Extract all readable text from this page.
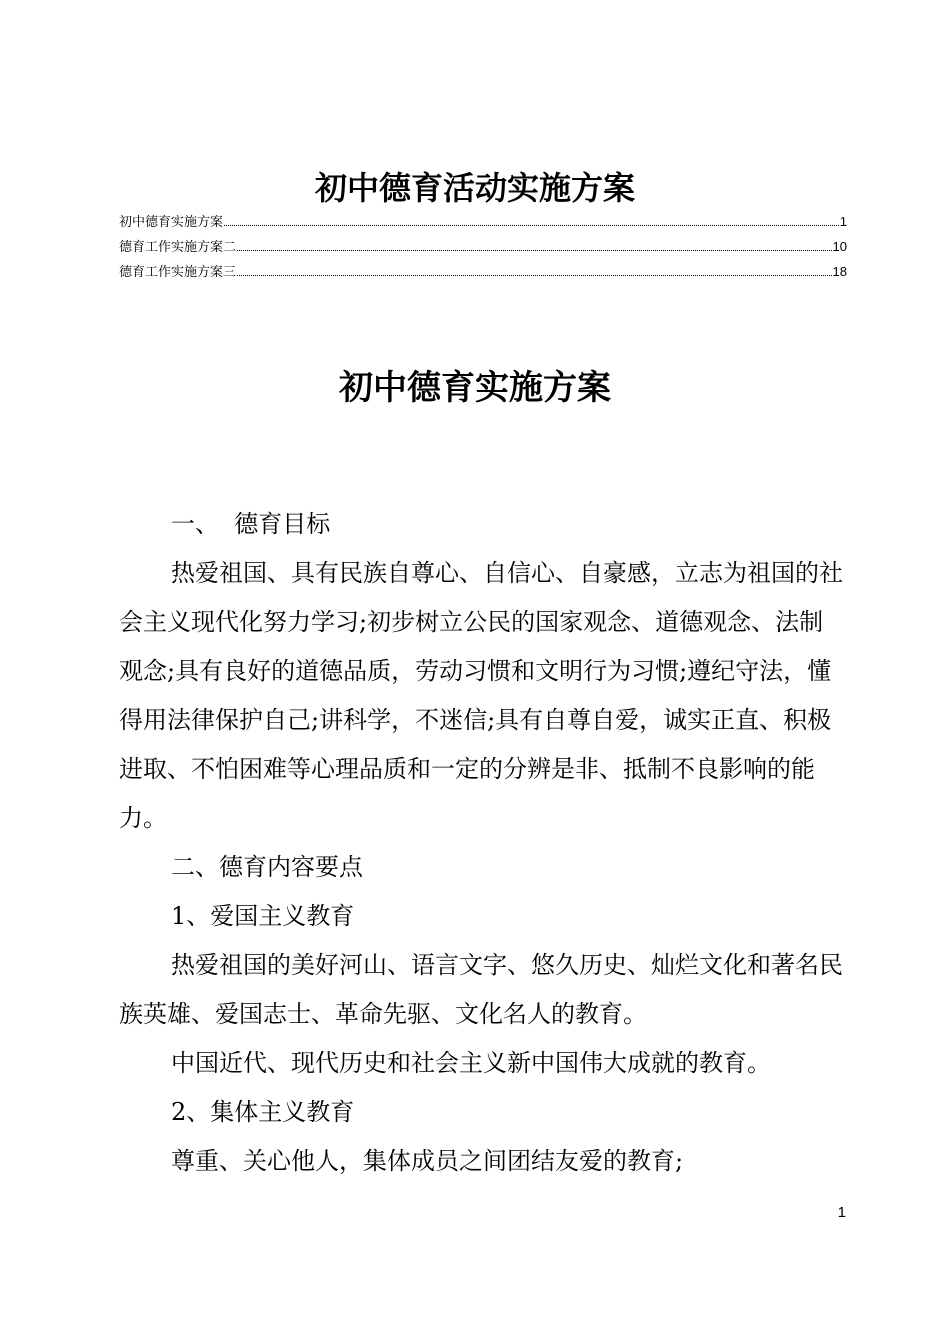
初中德育活动实施方案
初中德育实施方案	1
德育工作实施方案二	10
德育工作实施方案三	18
初中德育实施方案

一、  德育目标

热爱祖国、具有民族自尊心、自信心、自豪感，立志为祖国的社会主义现代化努力学习;初步树立公民的国家观念、道德观念、法制观念;具有良好的道德品质，劳动习惯和文明行为习惯;遵纪守法，懂得用法律保护自己;讲科学，不迷信;具有自尊自爱，诚实正直、积极进取、不怕困难等心理品质和一定的分辨是非、抵制不良影响的能力。

二、德育内容要点

1、爱国主义教育

热爱祖国的美好河山、语言文字、悠久历史、灿烂文化和著名民族英雄、爱国志士、革命先驱、文化名人的教育。

中国近代、现代历史和社会主义新中国伟大成就的教育。

2、集体主义教育

尊重、关心他人，集体成员之间团结友爱的教育;

1
